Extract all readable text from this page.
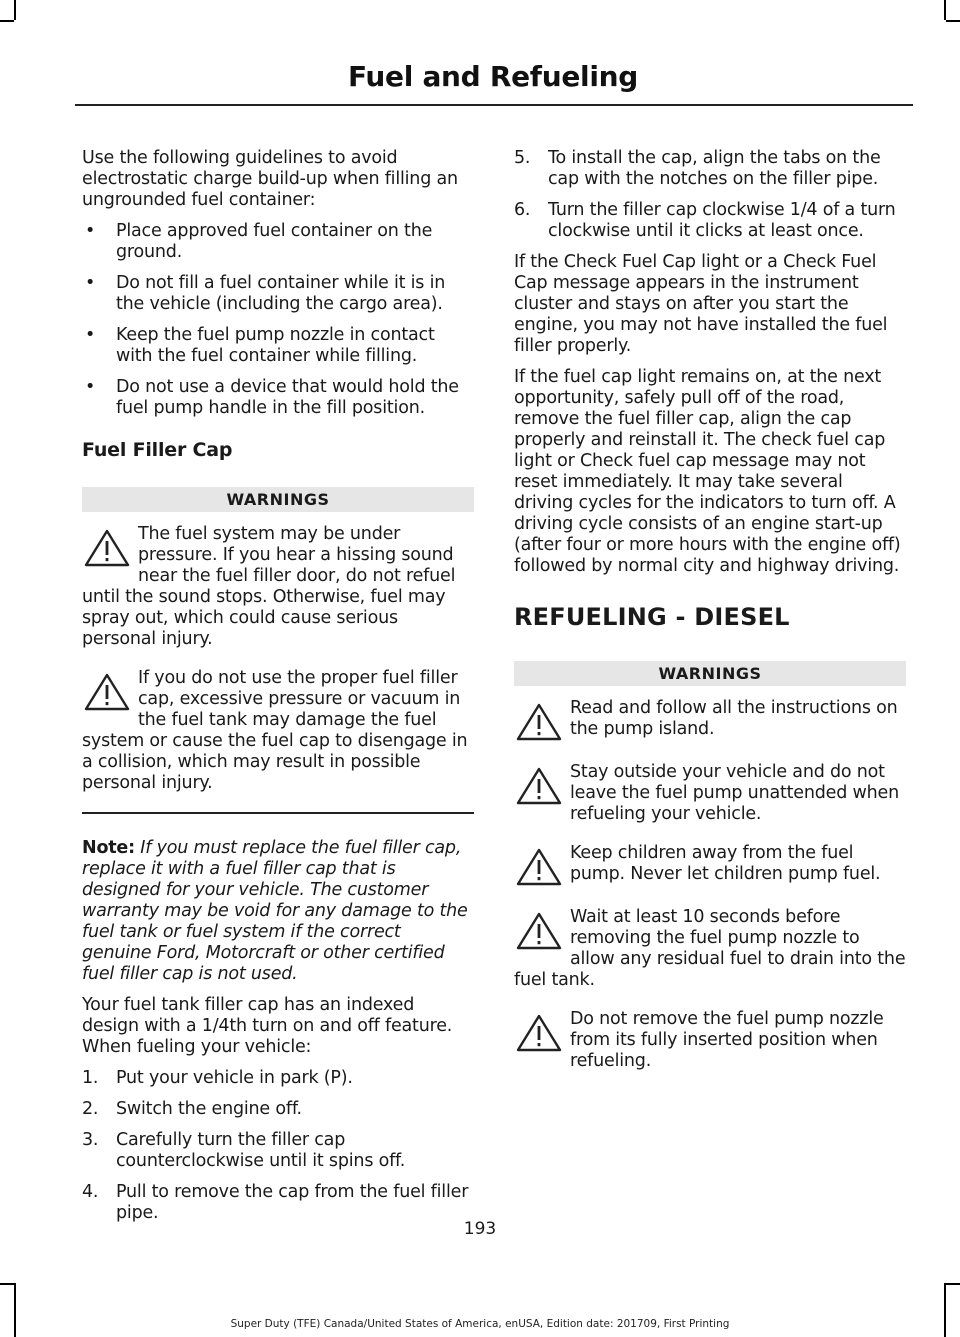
Fuel and Refueling

Use the following guidelines to avoid electrostatic charge build-up when filling an ungrounded fuel container:

• Place approved fuel container on the ground.
• Do not fill a fuel container while it is in the vehicle (including the cargo area).
• Keep the fuel pump nozzle in contact with the fuel container while filling.
• Do not use a device that would hold the fuel pump handle in the fill position.
Fuel Filler Cap
WARNINGS
The fuel system may be under pressure. If you hear a hissing sound near the fuel filler door, do not refuel until the sound stops. Otherwise, fuel may spray out, which could cause serious personal injury.
If you do not use the proper fuel filler cap, excessive pressure or vacuum in the fuel tank may damage the fuel system or cause the fuel cap to disengage in a collision, which may result in possible personal injury.

Note: If you must replace the fuel filler cap, replace it with a fuel filler cap that is designed for your vehicle. The customer warranty may be void for any damage to the fuel tank or fuel system if the correct genuine Ford, Motorcraft or other certified fuel filler cap is not used.

Your fuel tank filler cap has an indexed design with a 1/4th turn on and off feature. When fueling your vehicle:

1. Put your vehicle in park (P).
2. Switch the engine off.
3. Carefully turn the filler cap counterclockwise until it spins off.
4. Pull to remove the cap from the fuel filler pipe.
5. To install the cap, align the tabs on the cap with the notches on the filler pipe.
6. Turn the filler cap clockwise 1/4 of a turn clockwise until it clicks at least once.

If the Check Fuel Cap light or a Check Fuel Cap message appears in the instrument cluster and stays on after you start the engine, you may not have installed the fuel filler properly.

If the fuel cap light remains on, at the next opportunity, safely pull off of the road, remove the fuel filler cap, align the cap properly and reinstall it. The check fuel cap light or Check fuel cap message may not reset immediately. It may take several driving cycles for the indicators to turn off. A driving cycle consists of an engine start-up (after four or more hours with the engine off) followed by normal city and highway driving.

REFUELING - DIESEL
WARNINGS
Read and follow all the instructions on the pump island.
Stay outside your vehicle and do not leave the fuel pump unattended when refueling your vehicle.
Keep children away from the fuel pump. Never let children pump fuel.
Wait at least 10 seconds before removing the fuel pump nozzle to allow any residual fuel to drain into the fuel tank.
Do not remove the fuel pump nozzle from its fully inserted position when refueling.
193
Super Duty (TFE) Canada/United States of America, enUSA, Edition date: 201709, First Printing
